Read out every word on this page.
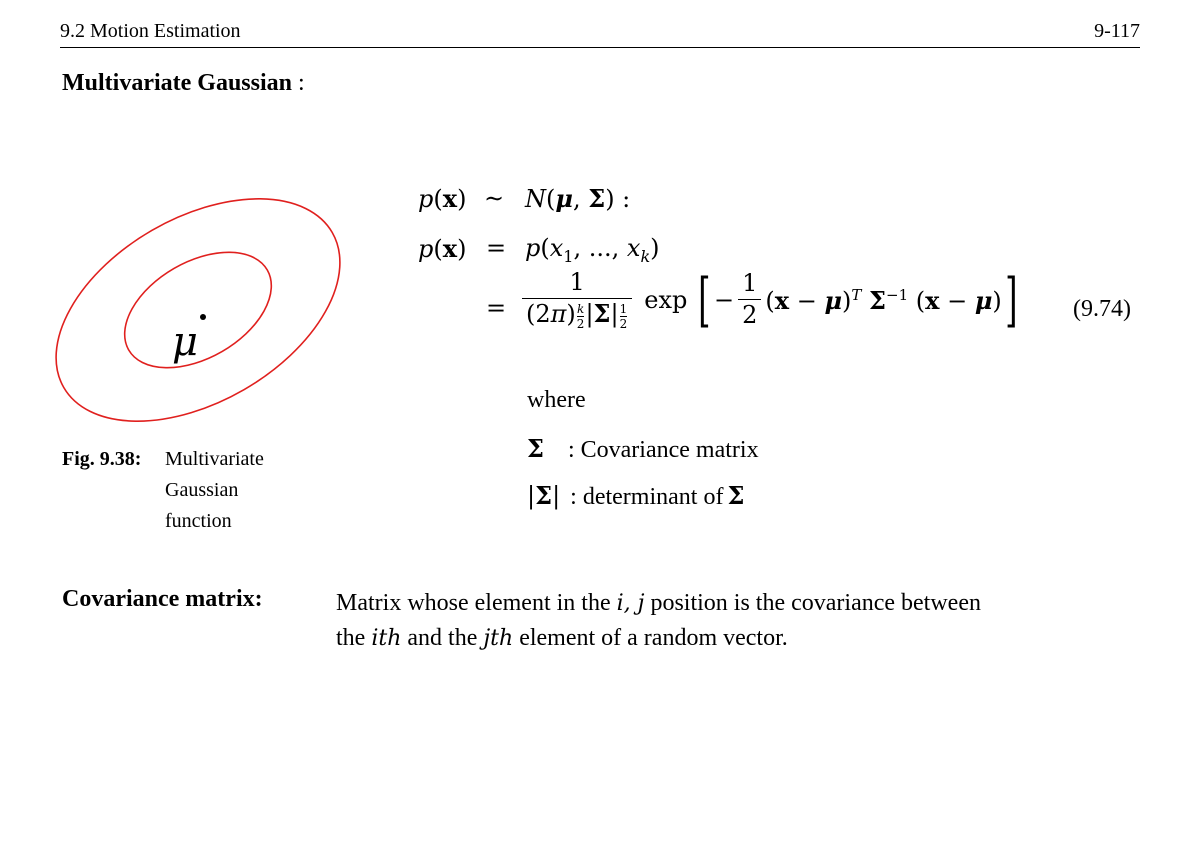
9.2 Motion Estimation	9-117
Multivariate Gaussian :
μ
Fig. 9.38: Multivariate Gaussian function
p(x) ∼ N(μ, Σ) :
$p(x) = p(x_1$, ..., $x_k$)
= $\frac{1}{(2\pi) \frac{k}{2} |\Sigma| \frac{1}{2}}$ exp [ − $\frac{1}{2} (x - \mu)^T$ $\Sigma^{-1}$ (x − μ) ] (9.74)
where
Σ : Covariance matrix
|Σ| : determinant of Σ
Covariance matrix:	Matrix whose element in the i, j position is the covariance between
the ith and the jth element of a random vector.
